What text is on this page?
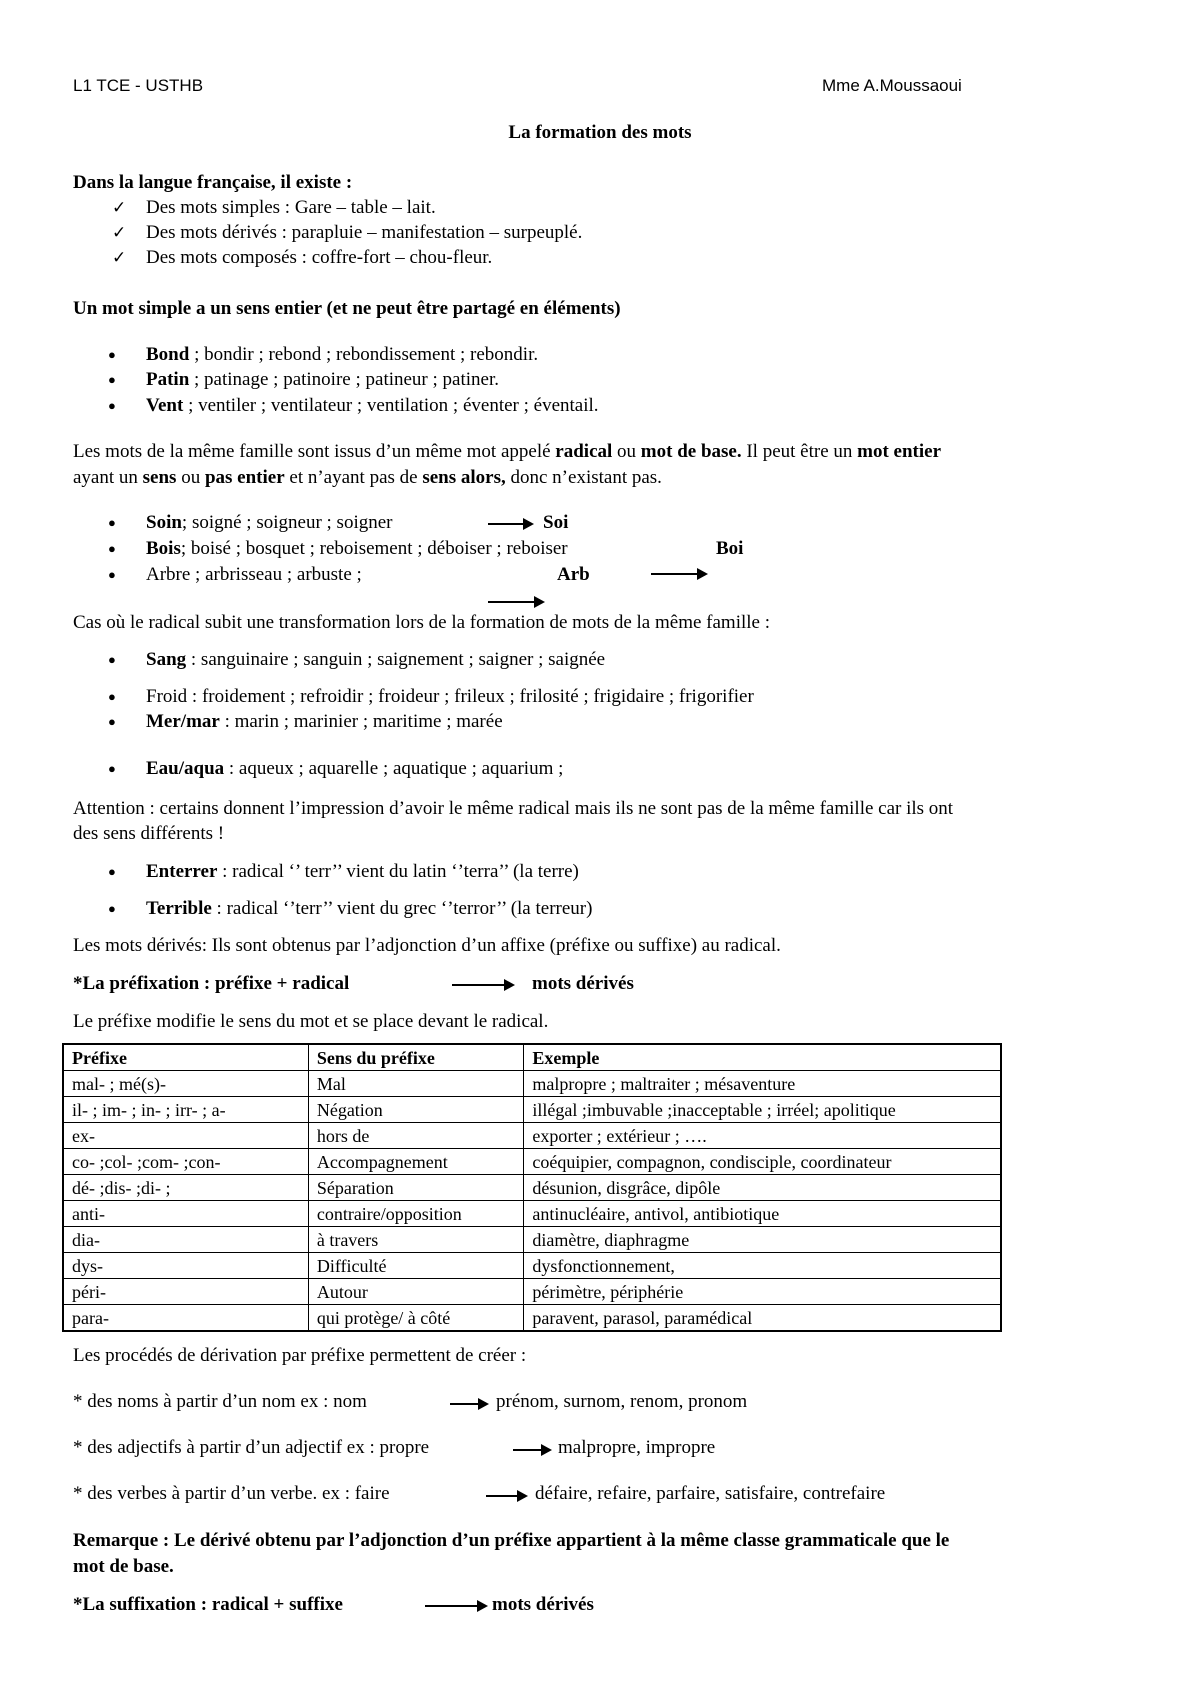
L1 TCE - USTHB	Mme A.Moussaoui
La formation des mots
Dans la langue française, il existe :
✓ Des mots simples : Gare – table – lait.
✓ Des mots dérivés : parapluie – manifestation – surpeuplé.
✓ Des mots composés : coffre-fort – chou-fleur.
Un mot simple a un sens entier (et ne peut être partagé en éléments)
● Bond ; bondir ; rebond ; rebondissement ; rebondir.
● Patin ; patinage ; patinoire ; patineur ; patiner.
● Vent ; ventiler ; ventilateur ; ventilation ; éventer ; éventail.
Les mots de la même famille sont issus d’un même mot appelé radical ou mot de base. Il peut être un mot entier
ayant un sens ou pas entier et n’ayant pas de sens alors, donc n’existant pas.
● Soin; soigné ; soigneur ; soigner	Soi
● Bois; boisé ; bosquet ; reboisement ; déboiser ; reboiser	Boi
● Arbre ; arbrisseau ; arbuste ;	Arb
Cas où le radical subit une transformation lors de la formation de mots de la même famille :
● Sang : sanguinaire ; sanguin ; saignement ; saigner ; saignée
● Froid : froidement ; refroidir ; froideur ; frileux ; frilosité ; frigidaire ; frigorifier
● Mer/mar : marin ; marinier ; maritime ; marée
● Eau/aqua : aqueux ; aquarelle ; aquatique ; aquarium ;
Attention : certains donnent l’impression d’avoir le même radical mais ils ne sont pas de la même famille car ils ont
des sens différents !
● Enterrer : radical ‘’ terr’’ vient du latin ‘’terra’’ (la terre)
● Terrible : radical ‘’terr’’ vient du grec ‘’terror’’ (la terreur)
Les mots dérivés: Ils sont obtenus par l’adjonction d’un affixe (préfixe ou suffixe) au radical.
*La préfixation : préfixe + radical	mots dérivés
Le préfixe modifie le sens du mot et se place devant le radical.
Préfixe	Sens du préfixe	Exemple
mal- ; mé(s)-	Mal	malpropre ; maltraiter ; mésaventure
il- ; im- ; in- ; irr- ; a-	Négation	illégal ;imbuvable ;inacceptable ; irréel; apolitique
ex-	hors de	exporter ; extérieur ; ….
co- ;col- ;com- ;con-	Accompagnement	coéquipier, compagnon, condisciple, coordinateur
dé- ;dis- ;di- ;	Séparation	désunion, disgrâce, dipôle
anti-	contraire/opposition	antinucléaire, antivol, antibiotique
dia-	à travers	diamètre, diaphragme
dys-	Difficulté	dysfonctionnement,
péri-	Autour	périmètre, périphérie
para-	qui protège/ à côté	paravent, parasol, paramédical
Les procédés de dérivation par préfixe permettent de créer :
* des noms à partir d’un nom ex : nom	prénom, surnom, renom, pronom
* des adjectifs à partir d’un adjectif ex : propre	malpropre, impropre
* des verbes à partir d’un verbe. ex : faire	défaire, refaire, parfaire, satisfaire, contrefaire
Remarque : Le dérivé obtenu par l’adjonction d’un préfixe appartient à la même classe grammaticale que le
mot de base.
*La suffixation : radical + suffixe	mots dérivés
